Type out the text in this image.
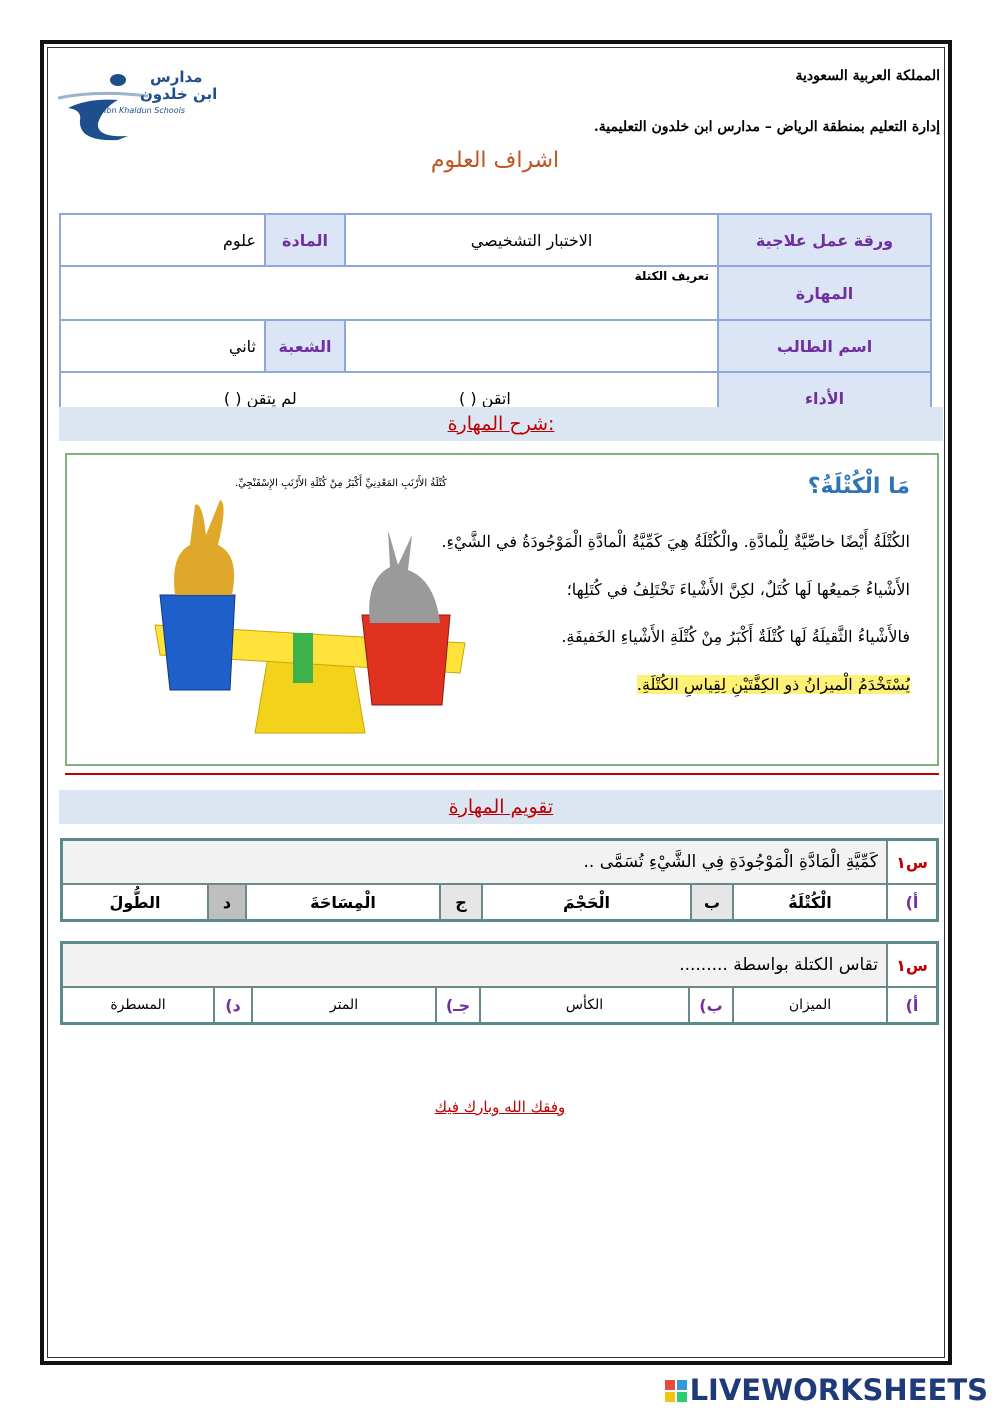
مدارس
ابن خلدون
Ibn Khaldun Schools
المملكة العربية السعودية
إدارة التعليم بمنطقة الرياض – مدارس ابن خلدون التعليمية.
اشراف العلوم
ورقة عمل علاجية	الاختبار التشخيصي	المادة	علوم
المهارة	تعريف الكتلة		
اسم الطالب		الشعبة	ثاني
الأداء	اتقن ( ) لم يتقن ( )		
شرح المهارة:
مَا الْكُتْلَةُ؟
الكُتْلَةُ أَيْضًا خاصِّيَّةٌ لِلْمادَّةِ. والْكُتْلَةُ هِيَ كَمِّيَّةُ الْمادَّةِ الْمَوْجُودَةُ في الشَّيْءِ.
الأَشْياءُ جَميعُها لَها كُتَلٌ، لكِنَّ الأَشْياءَ تَخْتَلِفُ في كُتَلِها؛
فالأَشْياءُ الثَّقيلَةُ لَها كُتْلَةٌ أَكْبَرُ مِنْ كُتْلَةِ الأَشْياءِ الخَفيفَةِ.
يُسْتَخْدَمُ الْميزانُ ذو الكِفَّتَيْنِ لِقِياسِ الكُتْلَةِ.
كُتْلَةُ الأَرْنَبِ المَعْدِنِيِّ أَكْبَرُ مِنْ كُتْلَةِ الأَرْنَبِ الإِسْفَنْجِيِّ.
تقويم المهارة
س١	كَمِّيَّةِ الْمَادَّةِ الْمَوْجُودَةِ فِي الشَّيْءِ تُسَمَّى ..						
أ)	الْكُتْلَةُ	ب	الْحَجْمَ	ج	الْمِسَاحَةَ	د	الطُّولَ
س١	تقاس الكتلة بواسطة .........						
أ)	الميزان	ب)	الكأس	جـ)	المتر	د)	المسطرة
وفقك الله وبارك فيك
LIVEWORKSHEETS
